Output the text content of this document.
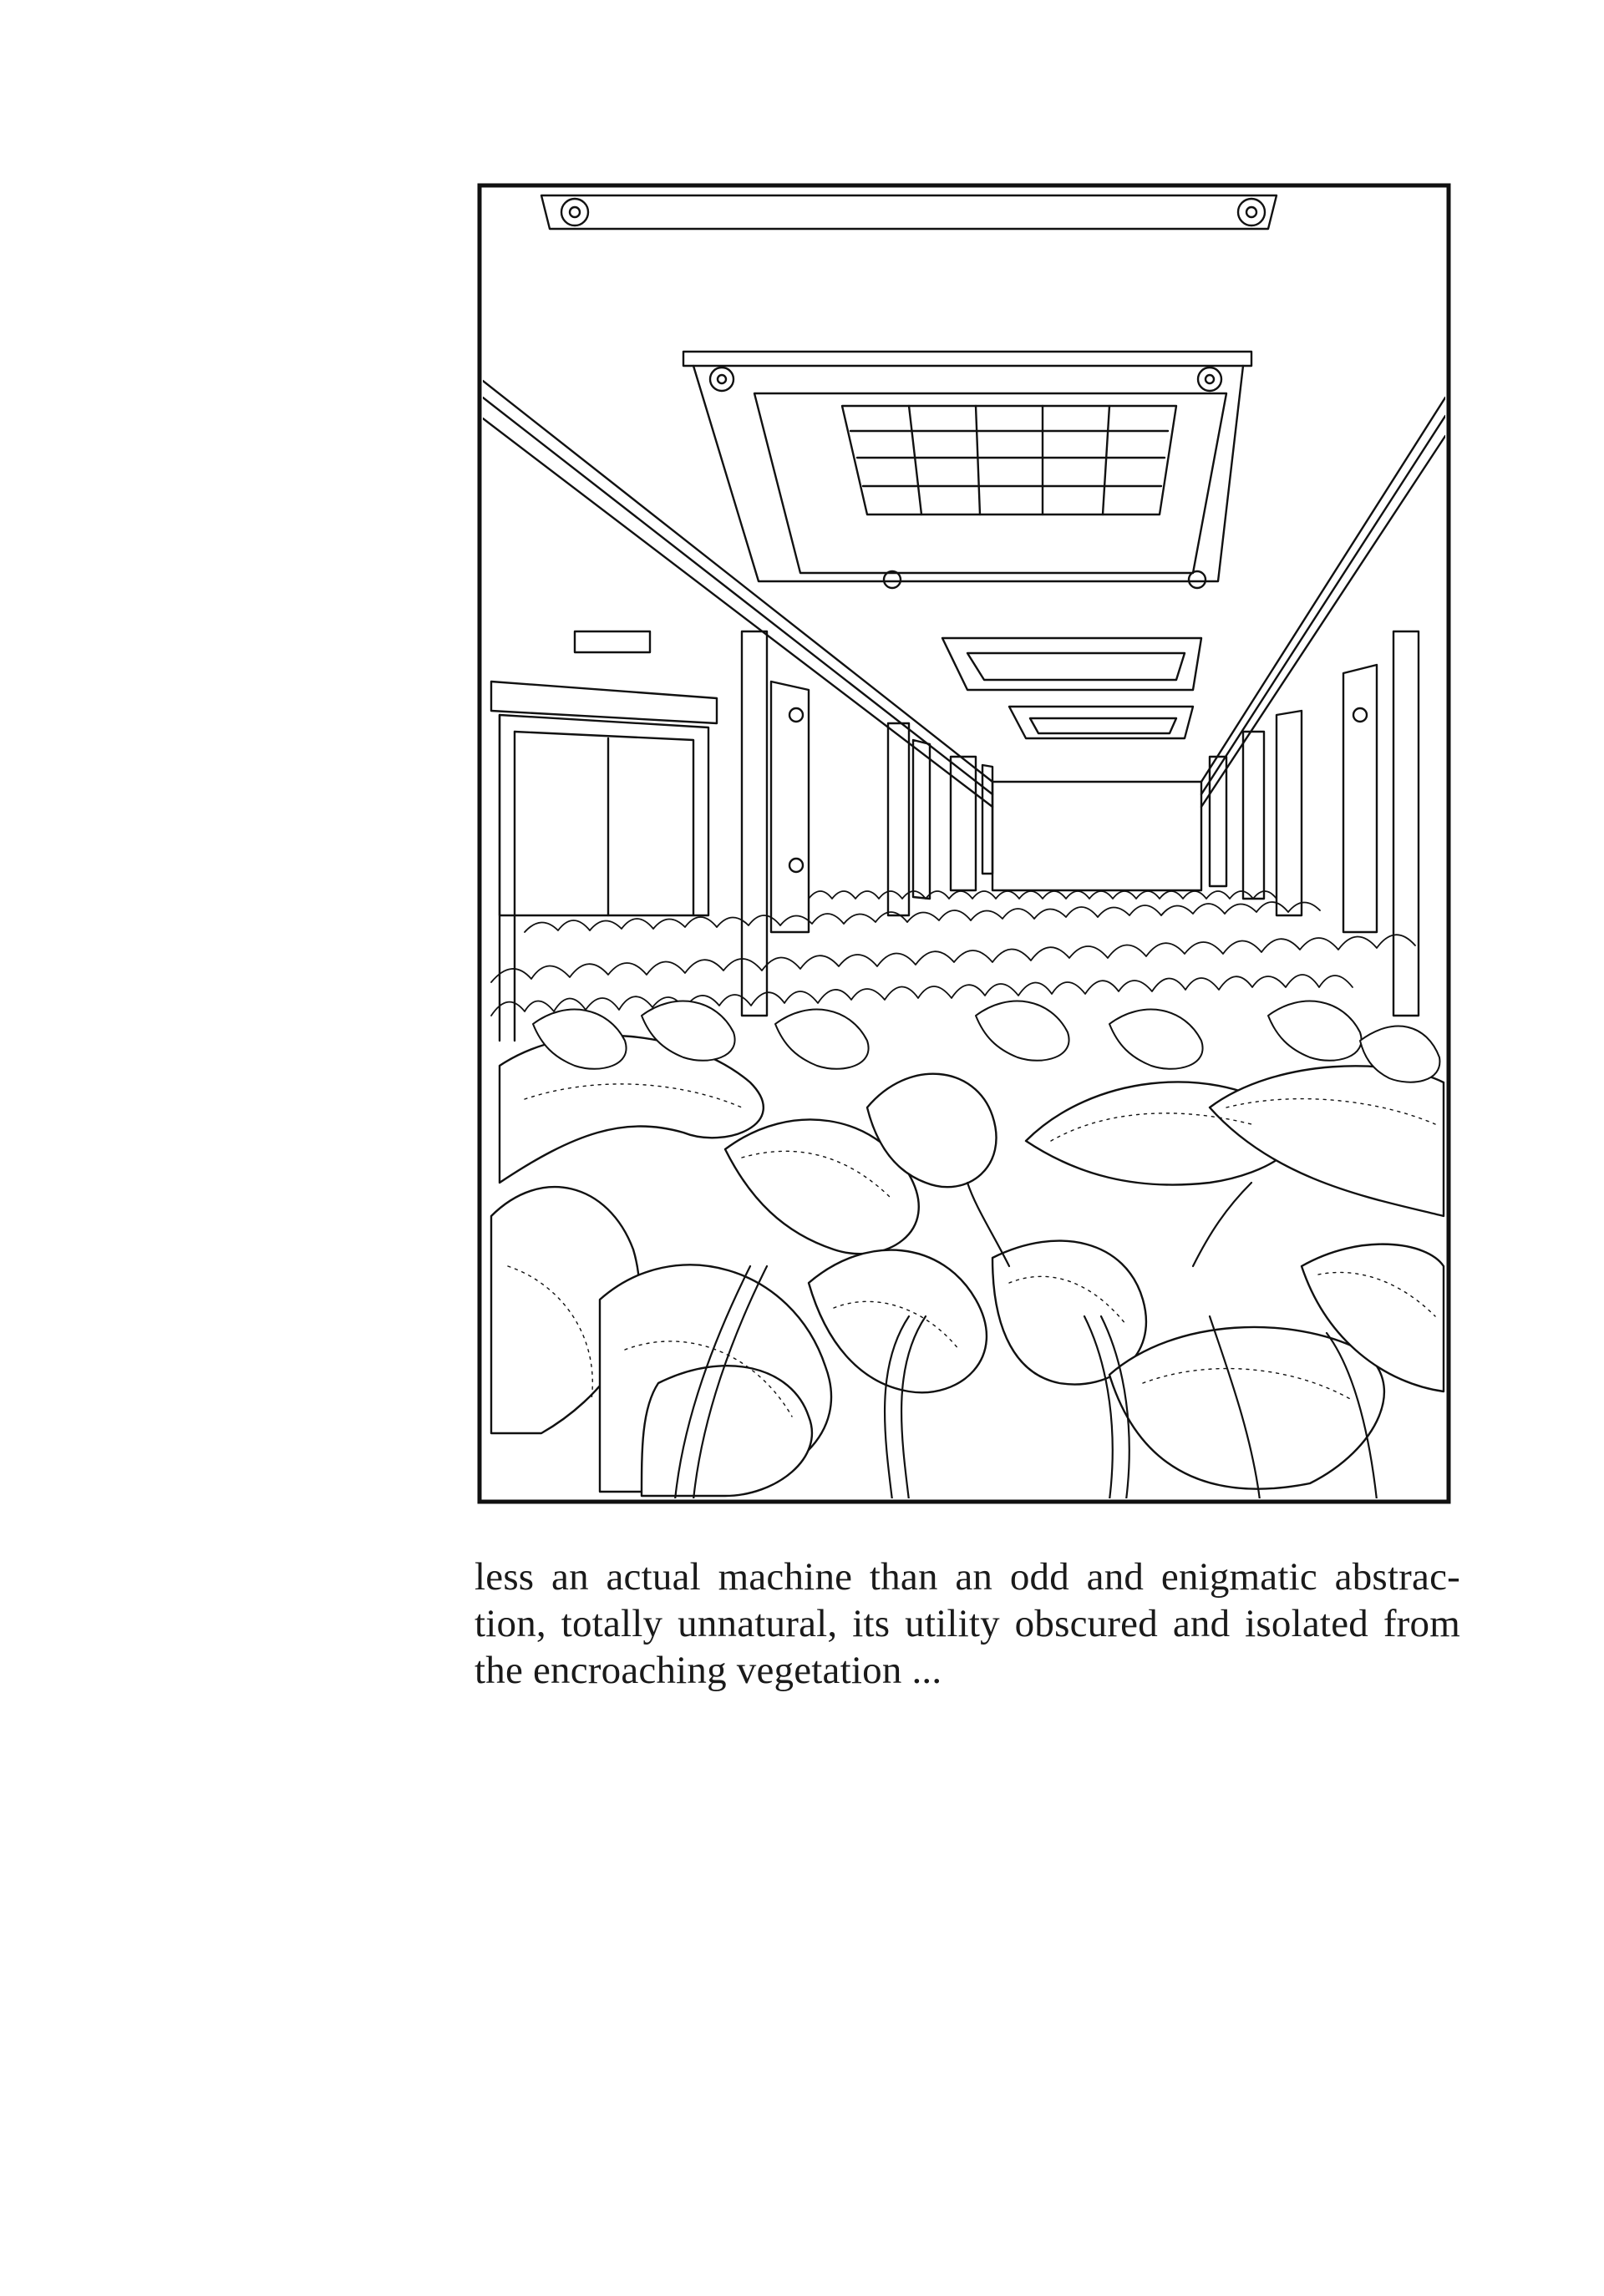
less an actual machine than an odd and enigmatic abstrac-
tion, totally unnatural, its utility obscured and isolated from
the encroaching vegetation ...
